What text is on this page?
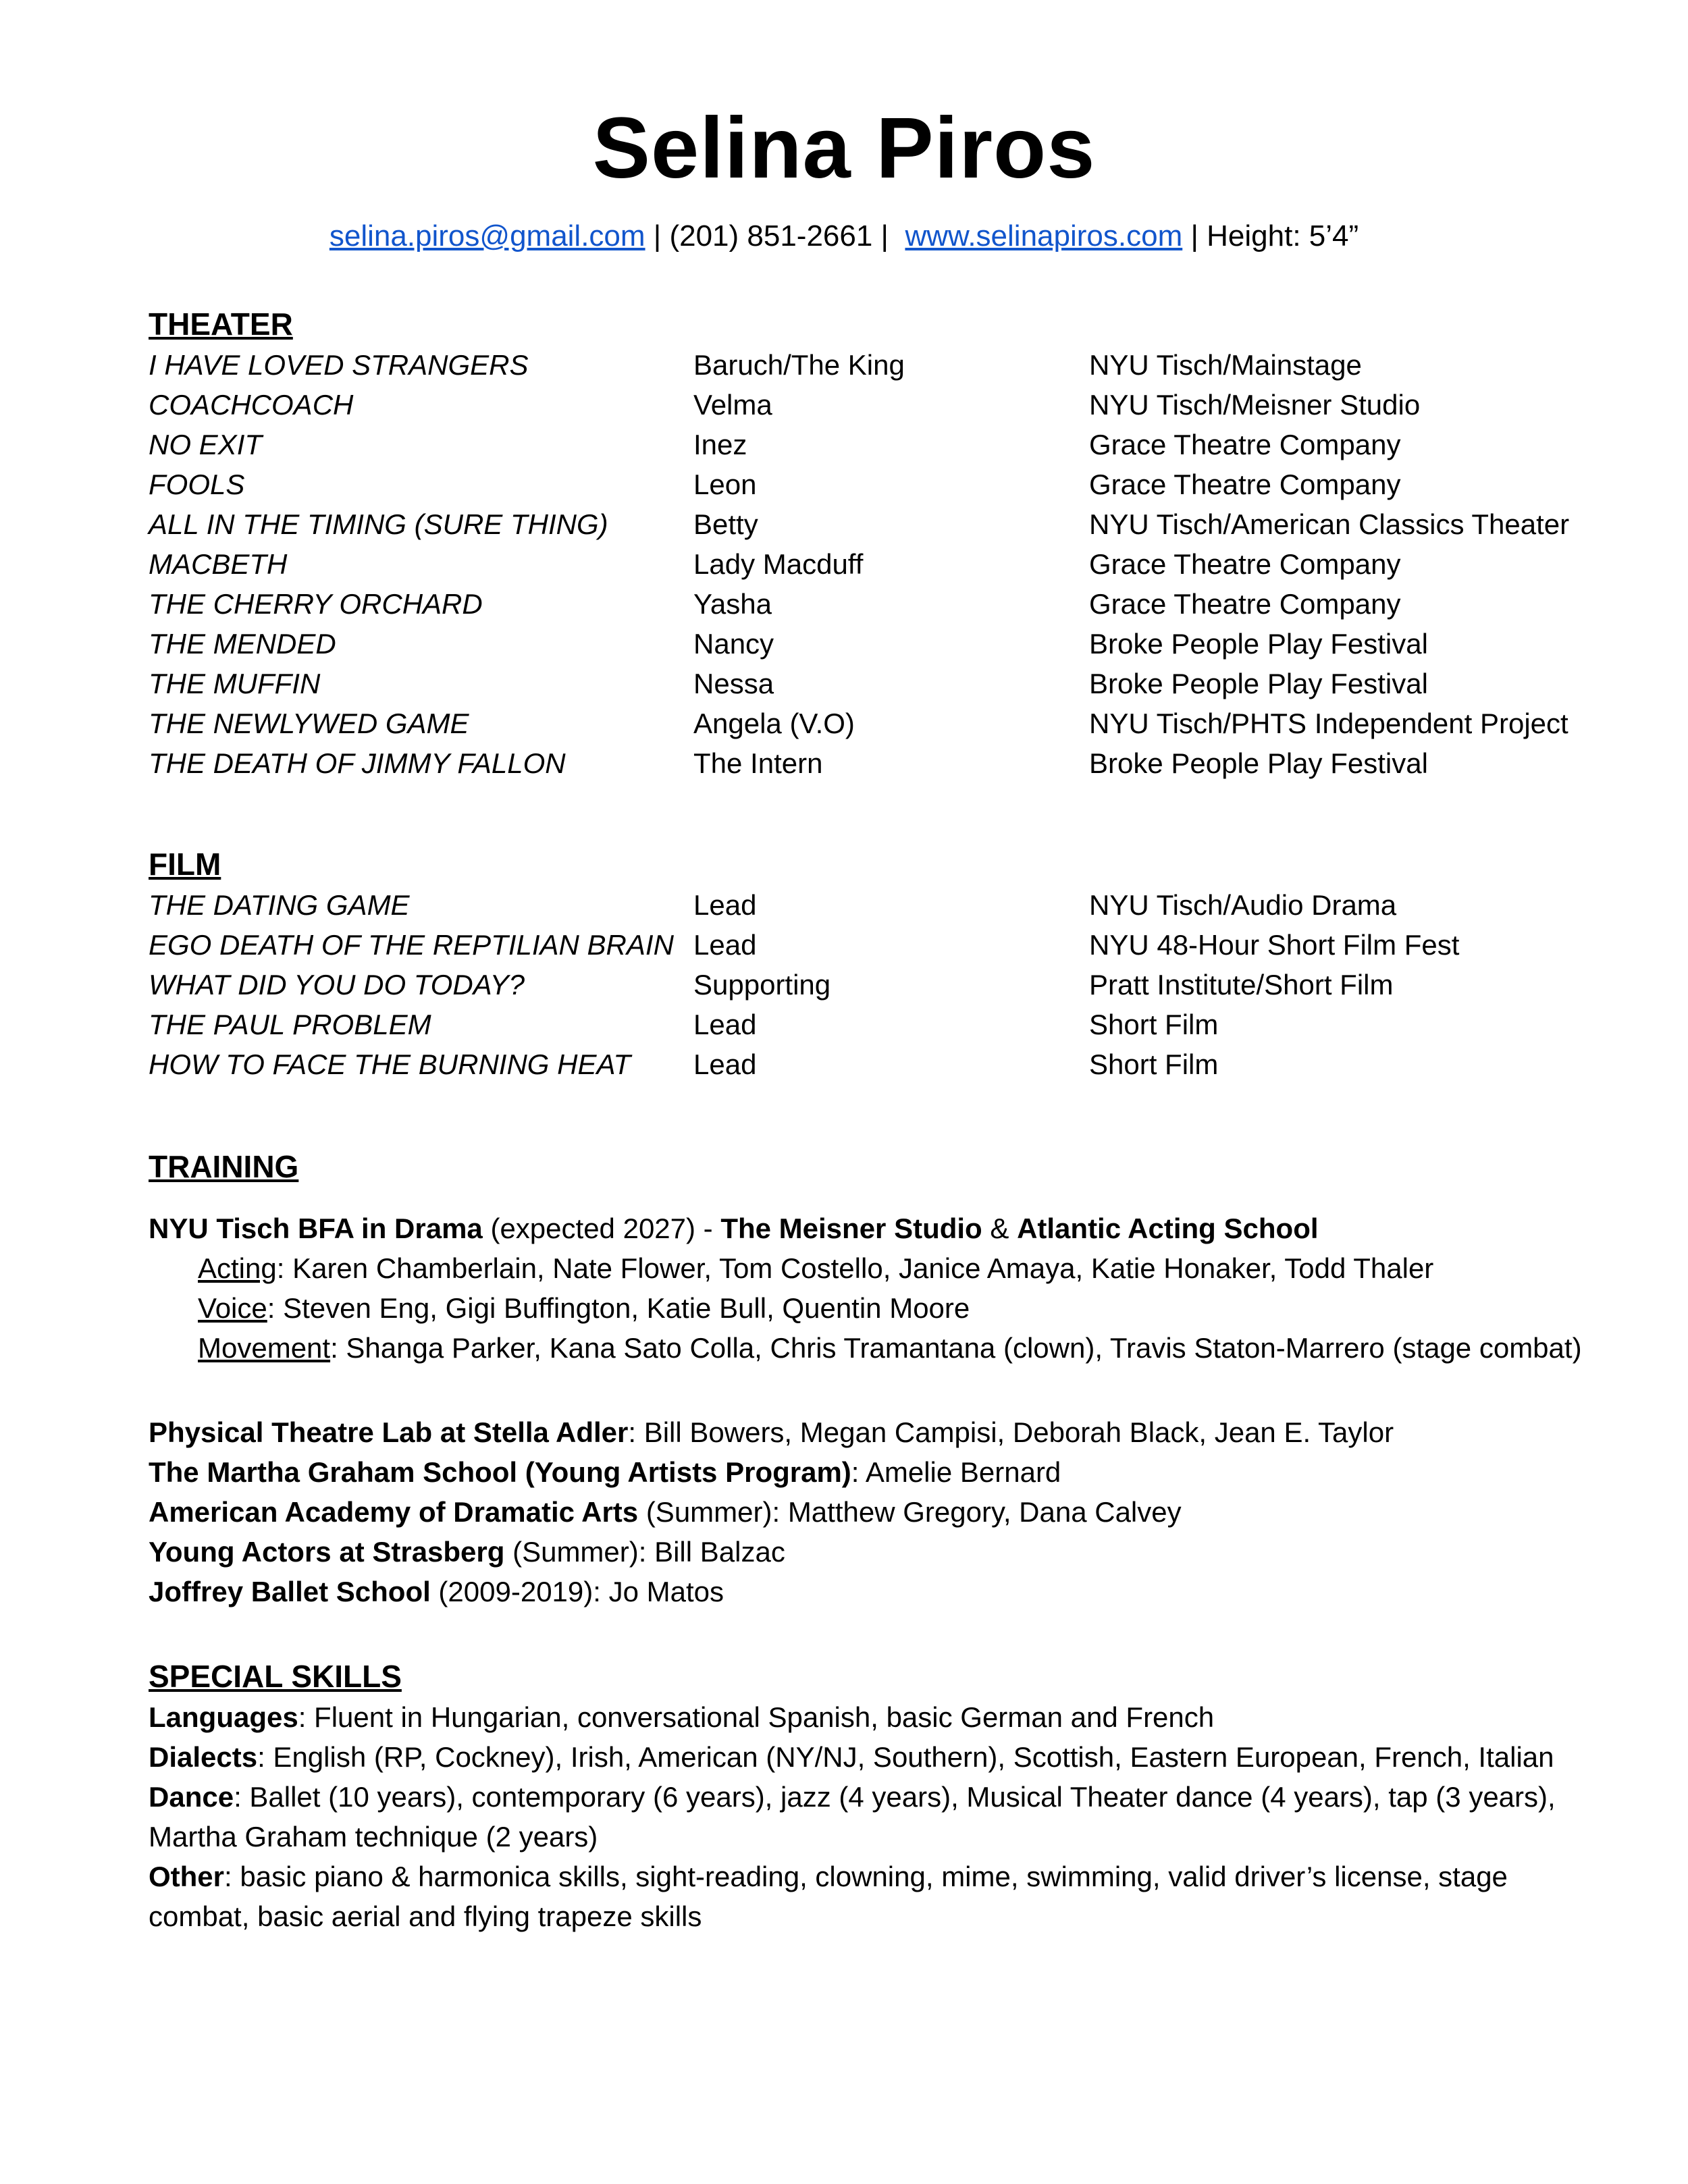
Selina Piros
selina.piros@gmail.com | (201) 851-2661 |  www.selinapiros.com | Height: 5’4”
THEATER
I HAVE LOVED STRANGERS	Baruch/The King	NYU Tisch/Mainstage
COACHCOACH	Velma	NYU Tisch/Meisner Studio
NO EXIT	Inez	Grace Theatre Company
FOOLS	Leon	Grace Theatre Company
ALL IN THE TIMING (SURE THING)	Betty	NYU Tisch/American Classics Theater
MACBETH	Lady Macduff	Grace Theatre Company
THE CHERRY ORCHARD	Yasha	Grace Theatre Company
THE MENDED	Nancy	Broke People Play Festival
THE MUFFIN	Nessa	Broke People Play Festival
THE NEWLYWED GAME	Angela (V.O)	NYU Tisch/PHTS Independent Project
THE DEATH OF JIMMY FALLON	The Intern	Broke People Play Festival
FILM
THE DATING GAME	Lead	NYU Tisch/Audio Drama
EGO DEATH OF THE REPTILIAN BRAIN Lead	NYU 48-Hour Short Film Fest
WHAT DID YOU DO TODAY?	Supporting	Pratt Institute/Short Film
THE PAUL PROBLEM	Lead	Short Film
HOW TO FACE THE BURNING HEAT Lead	Short Film
TRAINING
NYU Tisch BFA in Drama (expected 2027) - The Meisner Studio & Atlantic Acting School
Acting: Karen Chamberlain, Nate Flower, Tom Costello, Janice Amaya, Katie Honaker, Todd Thaler
Voice: Steven Eng, Gigi Buffington, Katie Bull, Quentin Moore
Movement: Shanga Parker, Kana Sato Colla, Chris Tramantana (clown), Travis Staton-Marrero (stage combat)
Physical Theatre Lab at Stella Adler: Bill Bowers, Megan Campisi, Deborah Black, Jean E. Taylor
The Martha Graham School (Young Artists Program): Amelie Bernard
American Academy of Dramatic Arts (Summer): Matthew Gregory, Dana Calvey
Young Actors at Strasberg (Summer): Bill Balzac
Joffrey Ballet School (2009-2019): Jo Matos
SPECIAL SKILLS
Languages: Fluent in Hungarian, conversational Spanish, basic German and French
Dialects: English (RP, Cockney), Irish, American (NY/NJ, Southern), Scottish, Eastern European, French, Italian
Dance: Ballet (10 years), contemporary (6 years), jazz (4 years), Musical Theater dance (4 years), tap (3 years),
Martha Graham technique (2 years)
Other: basic piano & harmonica skills, sight-reading, clowning, mime, swimming, valid driver’s license, stage
combat, basic aerial and flying trapeze skills
